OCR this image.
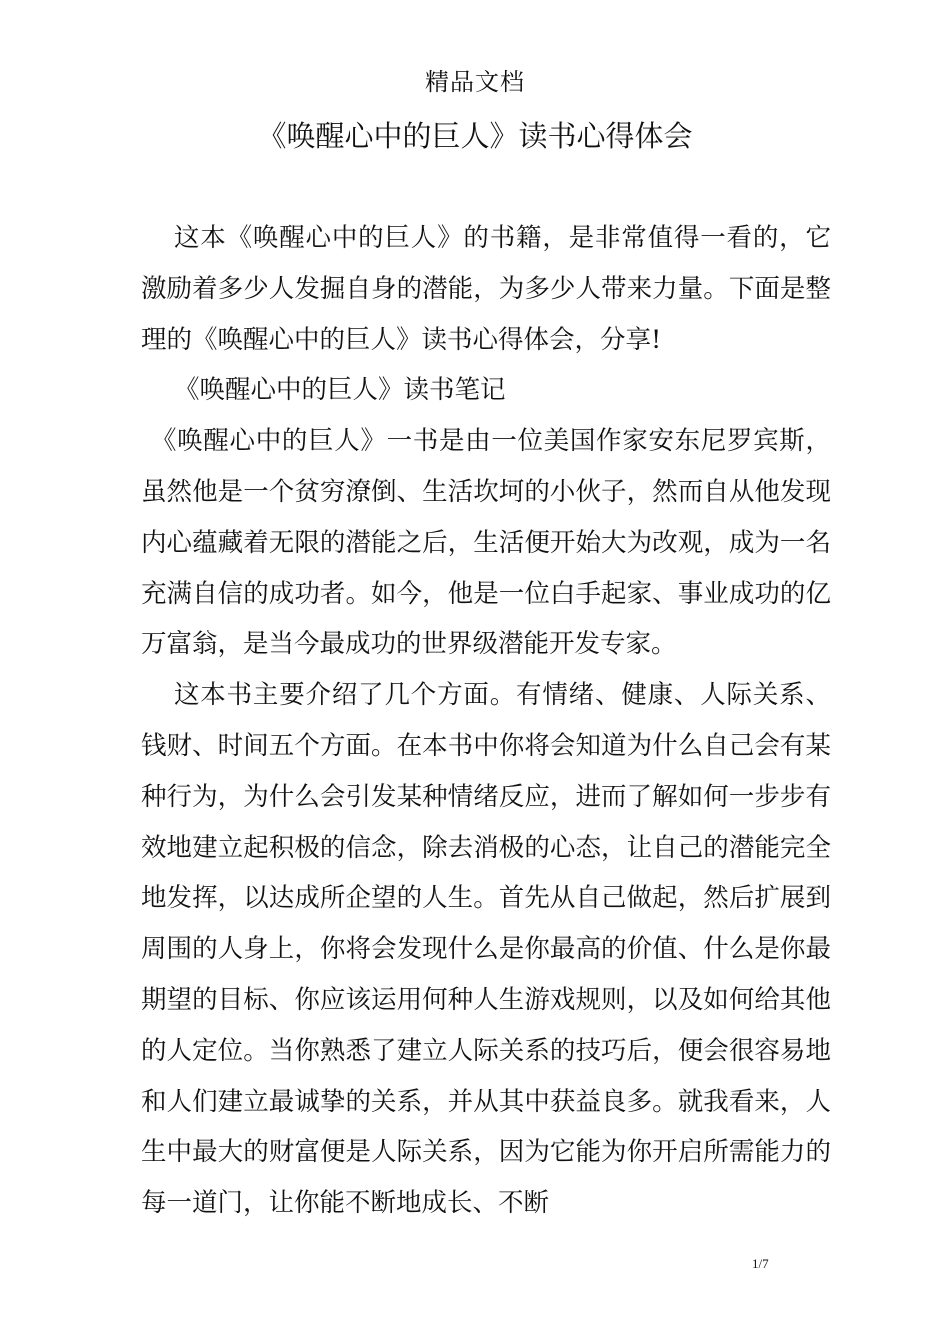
精品文档
《唤醒心中的巨人》读书心得体会

这本《唤醒心中的巨人》的书籍，是非常值得一看的，它激励着多少人发掘自身的潜能，为多少人带来力量。下面是整理的《唤醒心中的巨人》读书心得体会，分享!

《唤醒心中的巨人》读书笔记

《唤醒心中的巨人》一书是由一位美国作家安东尼罗宾斯，虽然他是一个贫穷潦倒、生活坎坷的小伙子，然而自从他发现内心蕴藏着无限的潜能之后，生活便开始大为改观，成为一名充满自信的成功者。如今，他是一位白手起家、事业成功的亿万富翁，是当今最成功的世界级潜能开发专家。

这本书主要介绍了几个方面。有情绪、健康、人际关系、钱财、时间五个方面。在本书中你将会知道为什么自己会有某种行为，为什么会引发某种情绪反应，进而了解如何一步步有效地建立起积极的信念，除去消极的心态，让自己的潜能完全地发挥，以达成所企望的人生。首先从自己做起，然后扩展到周围的人身上，你将会发现什么是你最高的价值、什么是你最期望的目标、你应该运用何种人生游戏规则，以及如何给其他的人定位。当你熟悉了建立人际关系的技巧后，便会很容易地和人们建立最诚挚的关系，并从其中获益良多。就我看来，人生中最大的财富便是人际关系，因为它能为你开启所需能力的每一道门，让你能不断地成长、不断

1/7
